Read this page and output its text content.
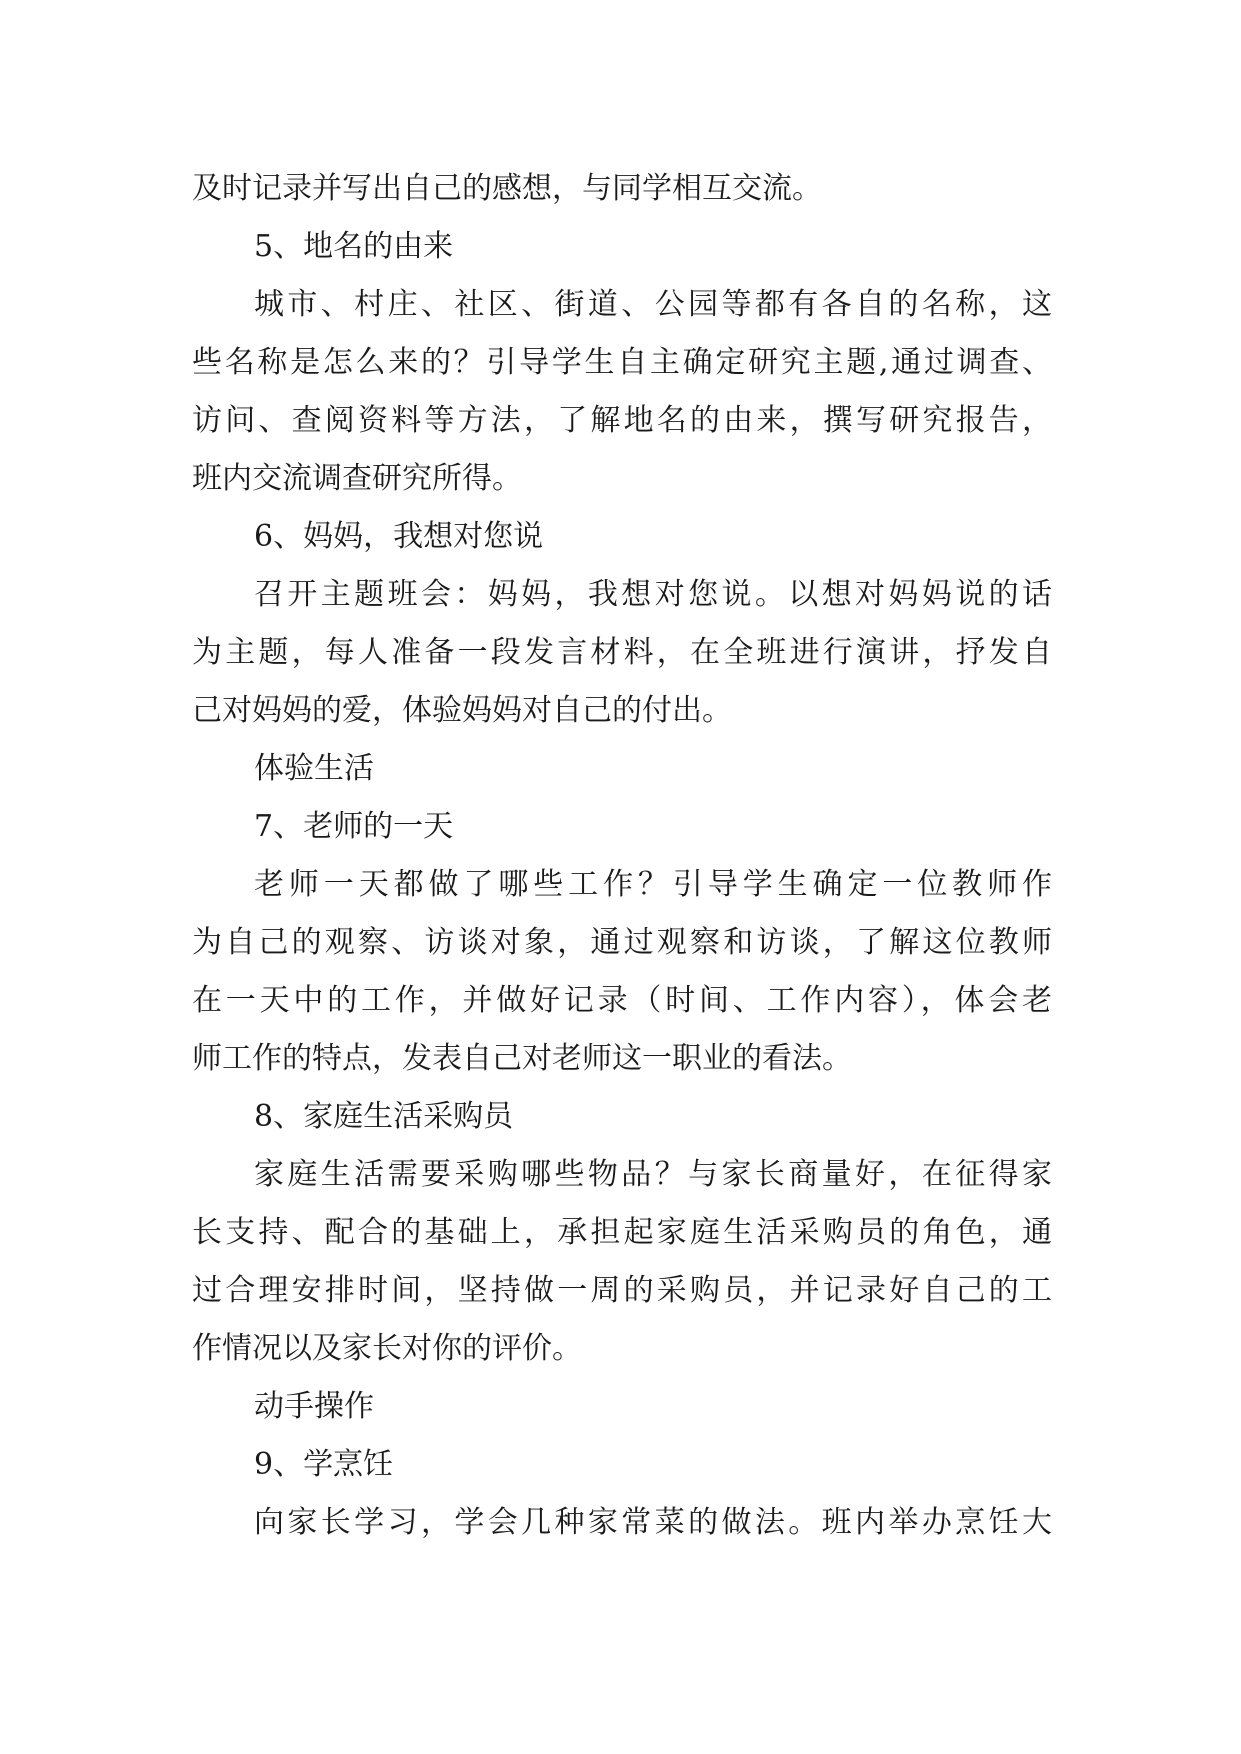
及时记录并写出自己的感想，与同学相互交流。
5、地名的由来
城市、村庄、社区、街道、公园等都有各自的名称，这
些名称是怎么来的？引导学生自主确定研究主题,通过调查、
访问、查阅资料等方法，了解地名的由来，撰写研究报告，
班内交流调查研究所得。
6、妈妈，我想对您说
召开主题班会：妈妈，我想对您说。以想对妈妈说的话
为主题，每人准备一段发言材料，在全班进行演讲，抒发自
己对妈妈的爱，体验妈妈对自己的付出。
体验生活
7、老师的一天
老师一天都做了哪些工作？引导学生确定一位教师作
为自己的观察、访谈对象，通过观察和访谈，了解这位教师
在一天中的工作，并做好记录（时间、工作内容），体会老
师工作的特点，发表自己对老师这一职业的看法。
8、家庭生活采购员
家庭生活需要采购哪些物品？与家长商量好，在征得家
长支持、配合的基础上，承担起家庭生活采购员的角色，通
过合理安排时间，坚持做一周的采购员，并记录好自己的工
作情况以及家长对你的评价。
动手操作
9、学烹饪
向家长学习，学会几种家常菜的做法。班内举办烹饪大
